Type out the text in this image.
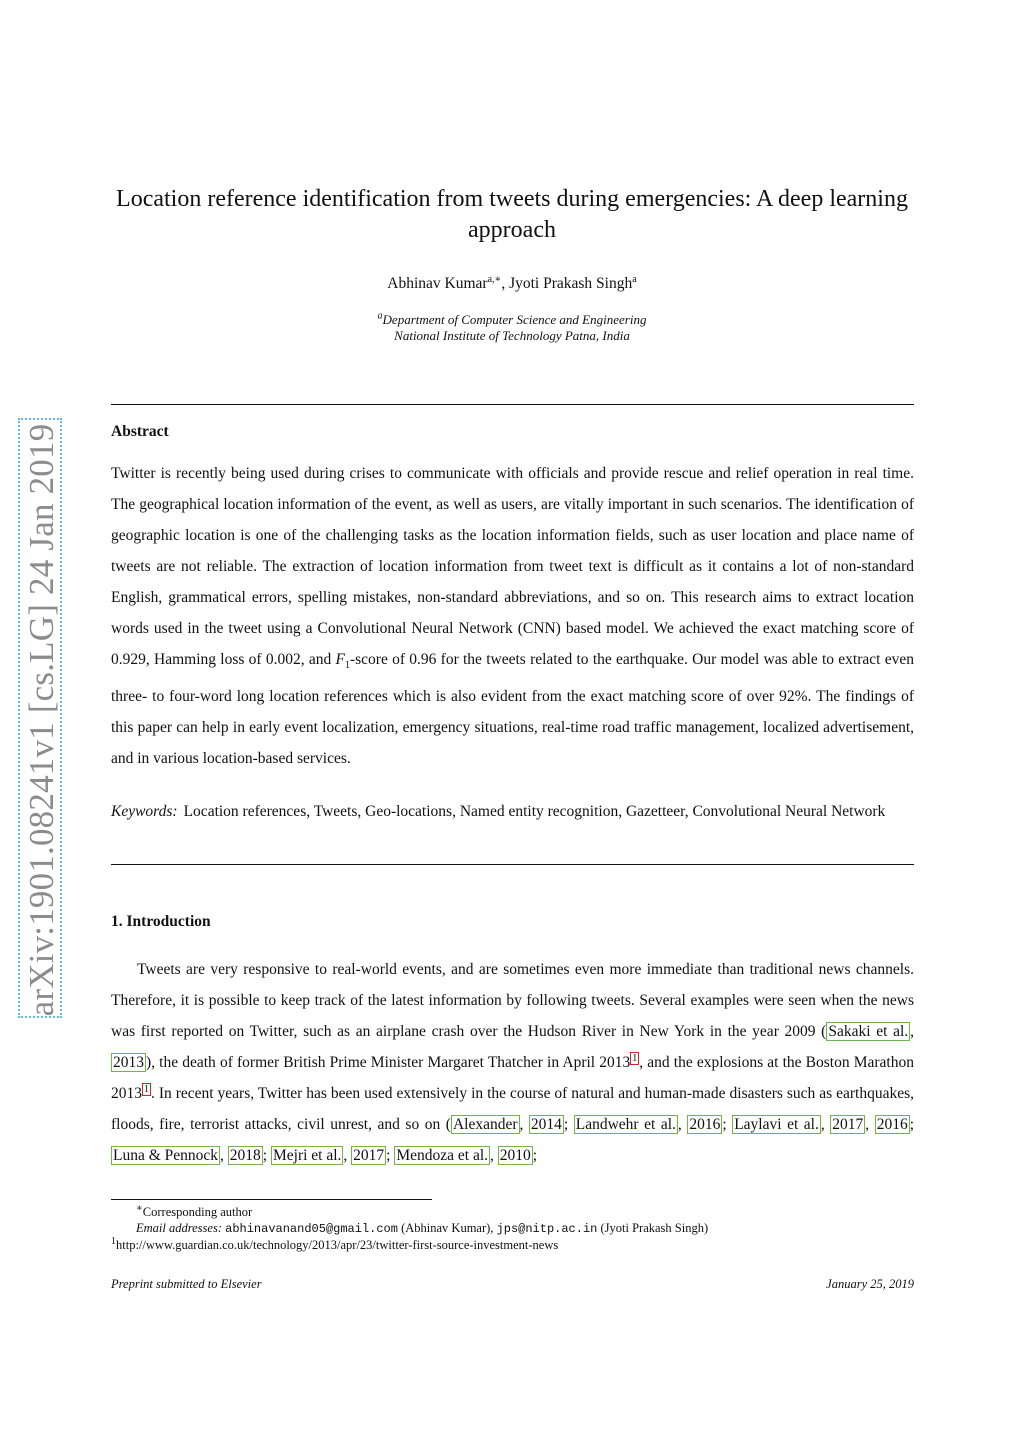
arXiv:1901.08241v1 [cs.LG] 24 Jan 2019
Location reference identification from tweets during emergencies: A deep learning approach
Abhinav Kumar$^{a,∗}$, Jyoti Prakash Singh$^a$
$^a$Department of Computer Science and Engineering
National Institute of Technology Patna, India
Abstract

Twitter is recently being used during crises to communicate with officials and provide rescue and relief operation in real time. The geographical location information of the event, as well as users, are vitally important in such scenarios. The identification of geographic location is one of the challenging tasks as the location information fields, such as user location and place name of tweets are not reliable. The extraction of location information from tweet text is difficult as it contains a lot of non-standard English, grammatical errors, spelling mistakes, non-standard abbreviations, and so on. This research aims to extract location words used in the tweet using a Convolutional Neural Network (CNN) based model. We achieved the exact matching score of 0.929, Hamming loss of 0.002, and $F_1$-score of 0.96 for the tweets related to the earthquake. Our model was able to extract even three- to four-word long location references which is also evident from the exact matching score of over 92%. The findings of this paper can help in early event localization, emergency situations, real-time road traffic management, localized advertisement, and in various location-based services.

Keywords: Location references, Tweets, Geo-locations, Named entity recognition, Gazetteer, Convolutional Neural Network

1. Introduction

Tweets are very responsive to real-world events, and are sometimes even more immediate than traditional news channels. Therefore, it is possible to keep track of the latest information by following tweets. Several examples were seen when the news was first reported on Twitter, such as an airplane crash over the Hudson River in New York in the year 2009 ( Sakaki et al. , 2013 ), the death of former British Prime Minister Margaret Thatcher in April 2013 $^1$ , and the explosions at the Boston Marathon 2013 $^1$ . In recent years, Twitter has been used extensively in the course of natural and human-made disasters such as earthquakes, floods, fire, terrorist attacks, civil unrest, and so on ( Alexander , 2014 ; Landwehr et al. , 2016 ; Laylavi et al. , 2017 , 2016 ; Luna & Pennock , 2018 ; Mejri et al. , 2017 ; Mendoza et al. , 2010 ;

∗Corresponding author
Email addresses: abhinavanand05@gmail.com (Abhinav Kumar), jps@nitp.ac.in (Jyoti Prakash Singh)
$^1$http://www.guardian.co.uk/technology/2013/apr/23/twitter-first-source-investment-news
Preprint submitted to Elsevier	January 25, 2019
